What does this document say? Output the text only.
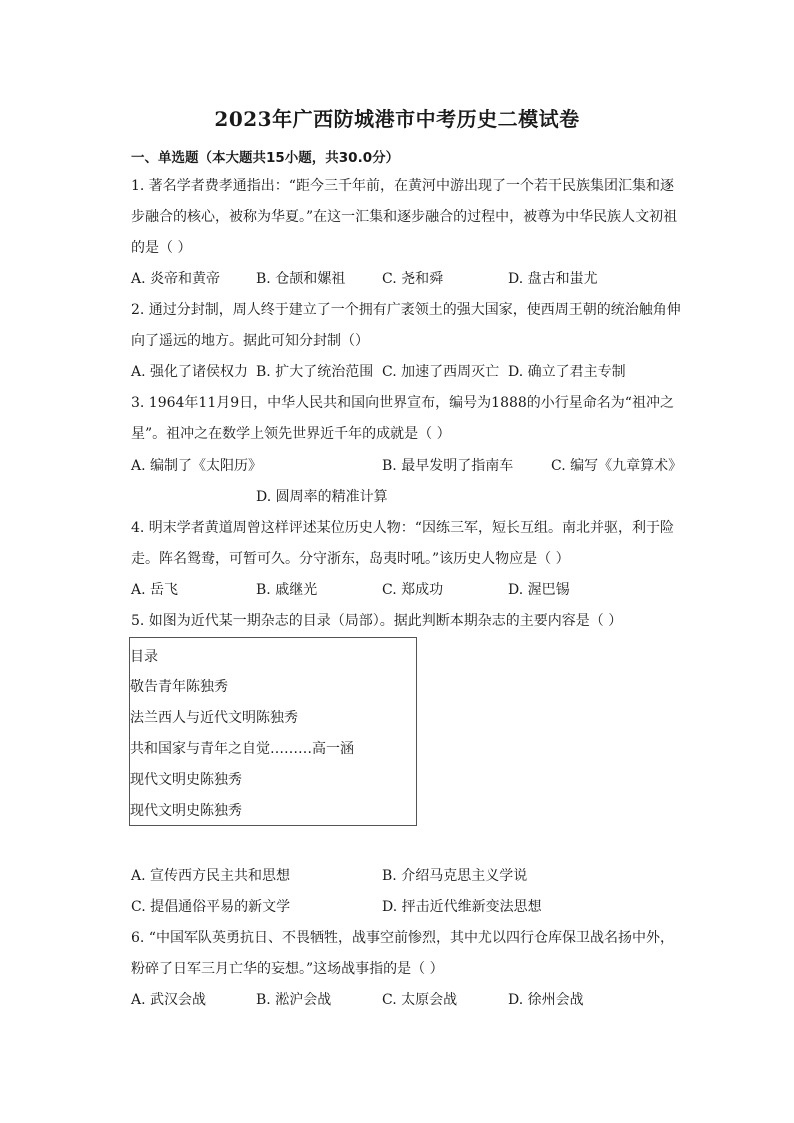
2023年广西防城港市中考历史二模试卷
一、单选题（本大题共15小题，共30.0分）
1. 著名学者费孝通指出：“距今三千年前，在黄河中游出现了一个若干民族集团汇集和逐
步融合的核心，被称为华夏。”在这一汇集和逐步融合的过程中，被尊为中华民族人文初祖
的是（ ）
A. 炎帝和黄帝	B. 仓颉和嫘祖	C. 尧和舜	D. 盘古和蚩尤
2. 通过分封制，周人终于建立了一个拥有广袤领土的强大国家，使西周王朝的统治触角伸
向了遥远的地方。据此可知分封制（）
A. 强化了诸侯权力 B. 扩大了统治范围 C. 加速了西周灭亡 D. 确立了君主专制
3. 1964年11月9日，中华人民共和国向世界宣布，编号为1888的小行星命名为“祖冲之
星”。祖冲之在数学上领先世界近千年的成就是（ ）
A. 编制了《太阳历》	B. 最早发明了指南车	C. 编写《九章算术》
D. 圆周率的精准计算
4. 明末学者黄道周曾这样评述某位历史人物：“因练三军，短长互组。南北并驱，利于险
走。阵名鸳鸯，可暂可久。分守浙东，岛夷时吼。”该历史人物应是（ ）
A. 岳飞	B. 戚继光	C. 郑成功	D. 渥巴锡
5. 如图为近代某一期杂志的目录（局部）。据此判断本期杂志的主要内容是（ ）
目录
敬告青年陈独秀
法兰西人与近代文明陈独秀
共和国家与青年之自觉………高一涵
现代文明史陈独秀
现代文明史陈独秀
A. 宣传西方民主共和思想	B. 介绍马克思主义学说
C. 提倡通俗平易的新文学	D. 抨击近代维新变法思想
6. “中国军队英勇抗日、不畏牺牲，战事空前惨烈，其中尤以四行仓库保卫战名扬中外，
粉碎了日军三月亡华的妄想。”这场战事指的是（ ）
A. 武汉会战	B. 淞沪会战	C. 太原会战	D. 徐州会战
